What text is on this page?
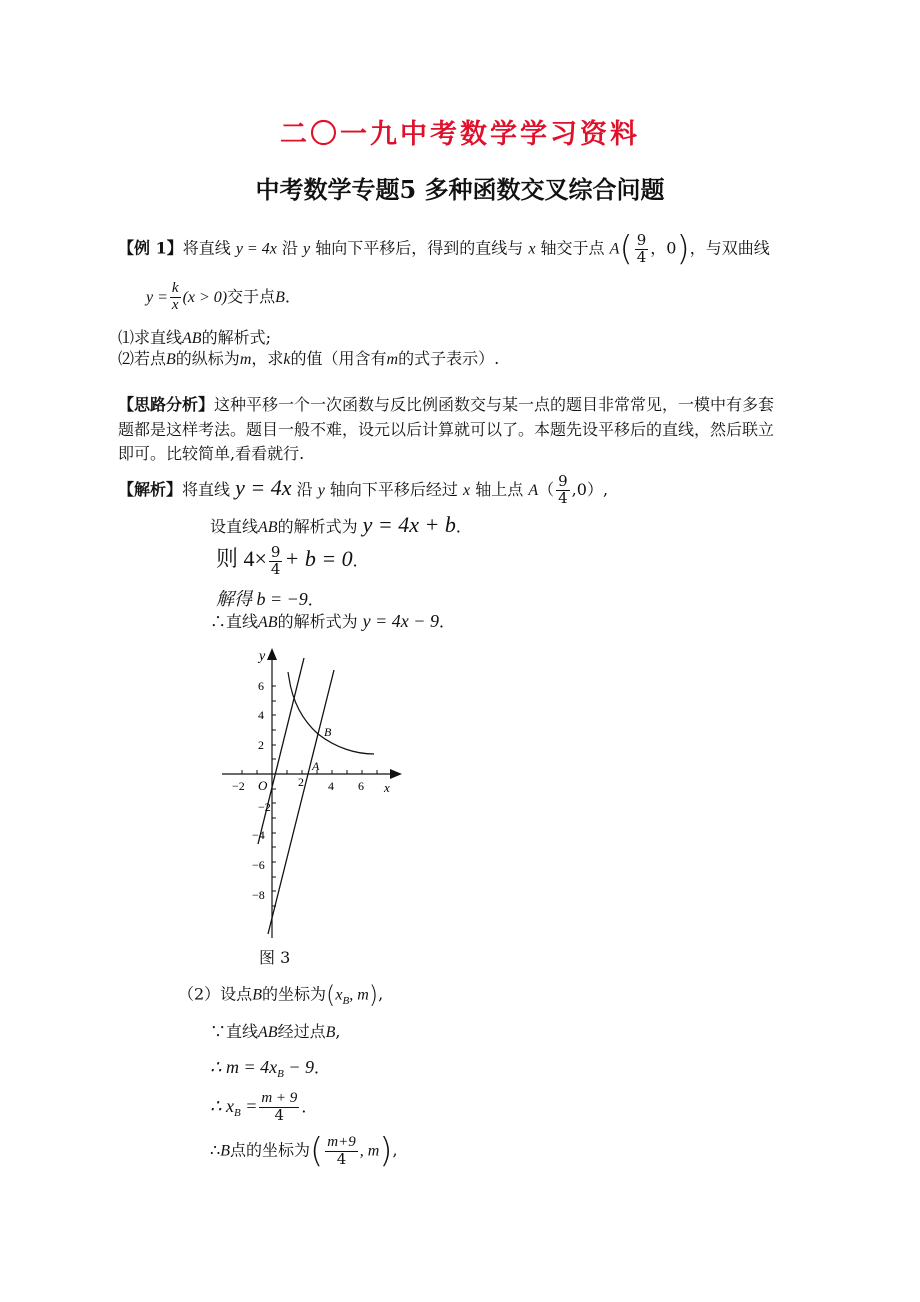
二〇一九中考数学学习资料
中考数学专题5 多种函数交叉综合问题
【例 1】将直线 y = 4x 沿 y 轴向下平移后，得到的直线与 x 轴交于点 $A( \frac{9}{4}$ ，0)，与双曲线
$y = \frac{k}{x} (x > 0)$交于点B．
⑴求直线AB的解析式;
⑵若点B的纵标为m，求k的值（用含有m的式子表示）.
【思路分析】这种平移一个一次函数与反比例函数交与某一点的题目非常常见，一模中有多套
题都是这样考法。题目一般不难，设元以后计算就可以了。本题先设平移后的直线，然后联立
即可。比较简单,看看就行.
【解析】将直线 y = 4x 沿 y 轴向下平移后经过 x 轴上点 $A( \frac{9}{4} ,0)$,
设直线AB的解析式为 y = 4x + b．
则 $4\times \frac{9}{4} + b = 0$．
解得 b = −9．
∴直线AB的解析式为 y = 4x − 9．
y
x
O
−2	2 4 6
6
4
2
−2
−4
−6
−8
A
B
图 3
（2）设点B的坐标为($x_B$, m),
∵直线AB经过点B,
∴ $m = 4x_B - 9$．
∴ $x_B = \frac{m + 9}{4}$ ．
∴B点的坐标为( $\frac{m+9}{4}$ , m),
